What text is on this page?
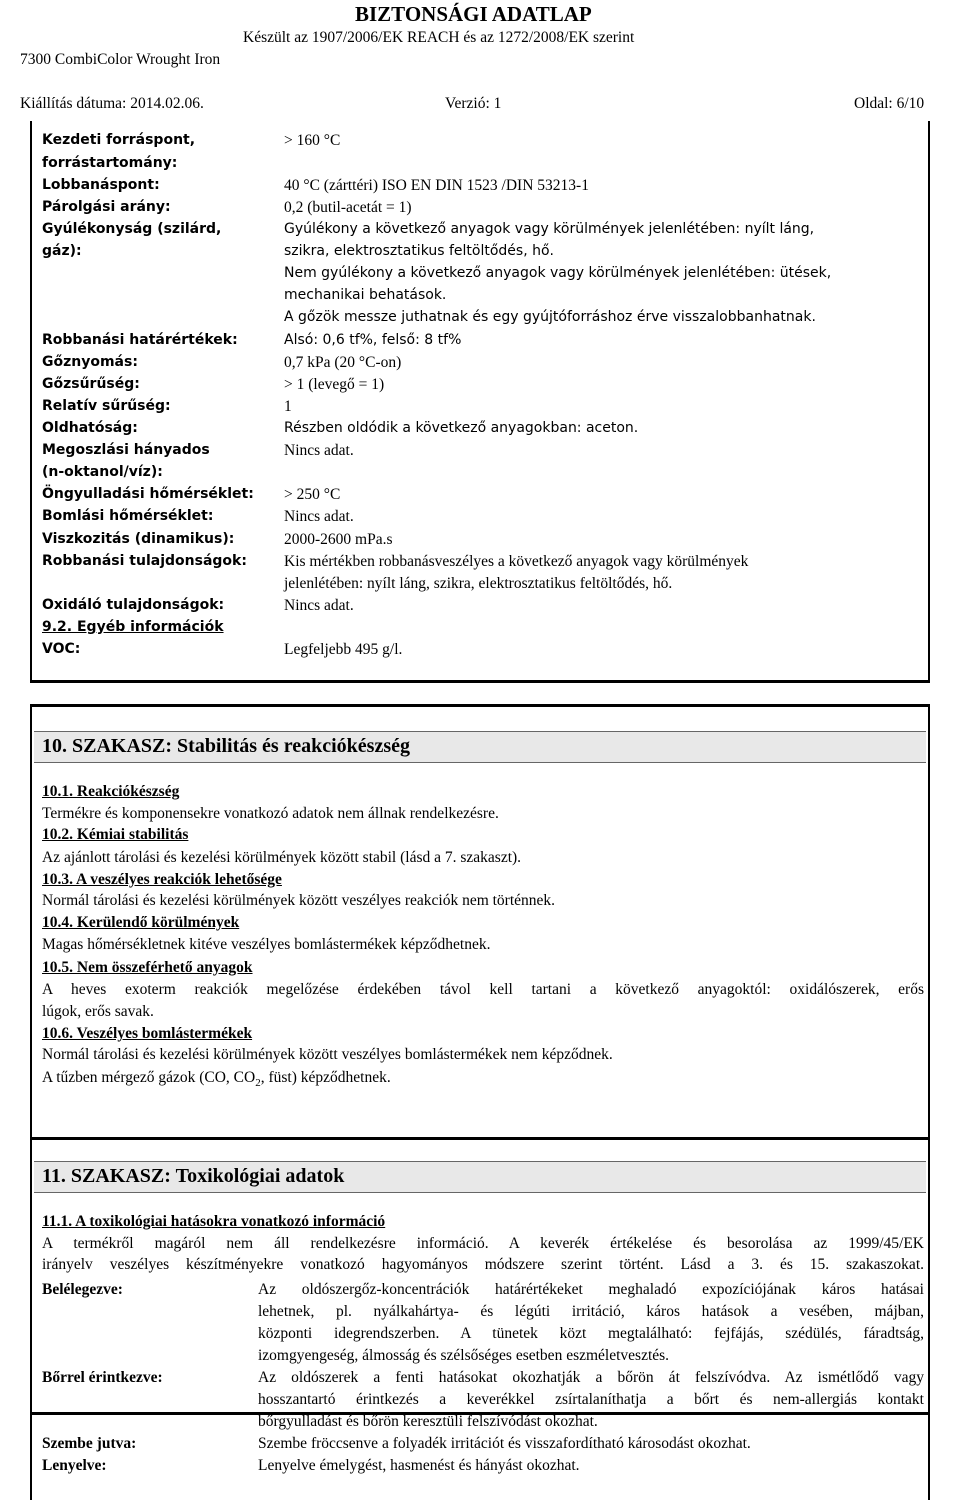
BIZTONSÁGI ADATLAP
Készült az 1907/2006/EK REACH és az 1272/2008/EK szerint
7300 CombiColor Wrought Iron
Kiállítás dátuma: 2014.02.06.	Verzió: 1	Oldal: 6/10
Kezdeti forráspont,
forrástartomány:
> 160 °C
Lobbanáspont:	40 °C (zárttéri) ISO EN DIN 1523 /DIN 53213-1
Párolgási arány:	0,2 (butil-acetát = 1)
Gyúlékonyság (szilárd,
gáz):
Gyúlékony a következő anyagok vagy körülmények jelenlétében: nyílt láng,
szikra, elektrosztatikus feltöltődés, hő.
Nem gyúlékony a következő anyagok vagy körülmények jelenlétében: ütések,
mechanikai behatások.
A gőzök messze juthatnak és egy gyújtóforráshoz érve visszalobbanhatnak.
Robbanási határértékek:	Alsó: 0,6 tf%, felső: 8 tf%
Gőznyomás:	0,7 kPa (20 °C-on)
Gőzsűrűség:	> 1 (levegő = 1)
Relatív sűrűség:	1
Oldhatóság:	Részben oldódik a következő anyagokban: aceton.
Megoszlási hányados
(n-oktanol/víz):
Nincs adat.
Öngyulladási hőmérséklet: > 250 °C
Bomlási hőmérséklet:	Nincs adat.
Viszkozitás (dinamikus):	2000-2600 mPa.s
Robbanási tulajdonságok: Kis mértékben robbanásveszélyes a következő anyagok vagy körülmények
jelenlétében: nyílt láng, szikra, elektrosztatikus feltöltődés, hő.
Oxidáló tulajdonságok:	Nincs adat.
9.2. Egyéb információk
VOC:	Legfeljebb 495 g/l.
10. SZAKASZ: Stabilitás és reakciókészség
10.1. Reakciókészség
Termékre és komponensekre vonatkozó adatok nem állnak rendelkezésre.
10.2. Kémiai stabilitás
Az ajánlott tárolási és kezelési körülmények között stabil (lásd a 7. szakaszt).
10.3. A veszélyes reakciók lehetősége
Normál tárolási és kezelési körülmények között veszélyes reakciók nem történnek.
10.4. Kerülendő körülmények
Magas hőmérsékletnek kitéve veszélyes bomlástermékek képződhetnek.
10.5. Nem összeférhető anyagok
A heves exoterm reakciók megelőzése érdekében távol kell tartani a következő anyagoktól: oxidálószerek, erős
lúgok, erős savak.
10.6. Veszélyes bomlástermékek
Normál tárolási és kezelési körülmények között veszélyes bomlástermékek nem képződnek.
A tűzben mérgező gázok (CO, $CO_2$, füst) képződhetnek.
11. SZAKASZ: Toxikológiai adatok
11.1. A toxikológiai hatásokra vonatkozó információ
A termékről magáról nem áll rendelkezésre információ. A keverék értékelése és besorolása az 1999/45/EK
irányelv veszélyes készítményekre vonatkozó hagyományos módszere szerint történt. Lásd a 3. és 15. szakaszokat.
Belélegezve:	Az oldószergőz-koncentrációk határértékeket meghaladó expozíciójának káros hatásai
lehetnek, pl. nyálkahártya- és légúti irritáció, káros hatások a vesében, májban,
központi idegrendszerben. A tünetek közt megtalálható: fejfájás, szédülés, fáradtság,
izomgyengeség, álmosság és szélsőséges esetben eszméletvesztés.
Bőrrel érintkezve:	Az oldószerek a fenti hatásokat okozhatják a bőrön át felszívódva. Az ismétlődő vagy
hosszantartó érintkezés a keverékkel zsírtalaníthatja a bőrt és nem-allergiás kontakt
bőrgyulladást és bőrön keresztüli felszívódást okozhat.
Szembe jutva:	Szembe fröccsenve a folyadék irritációt és visszafordítható károsodást okozhat.
Lenyelve:	Lenyelve émelygést, hasmenést és hányást okozhat.
